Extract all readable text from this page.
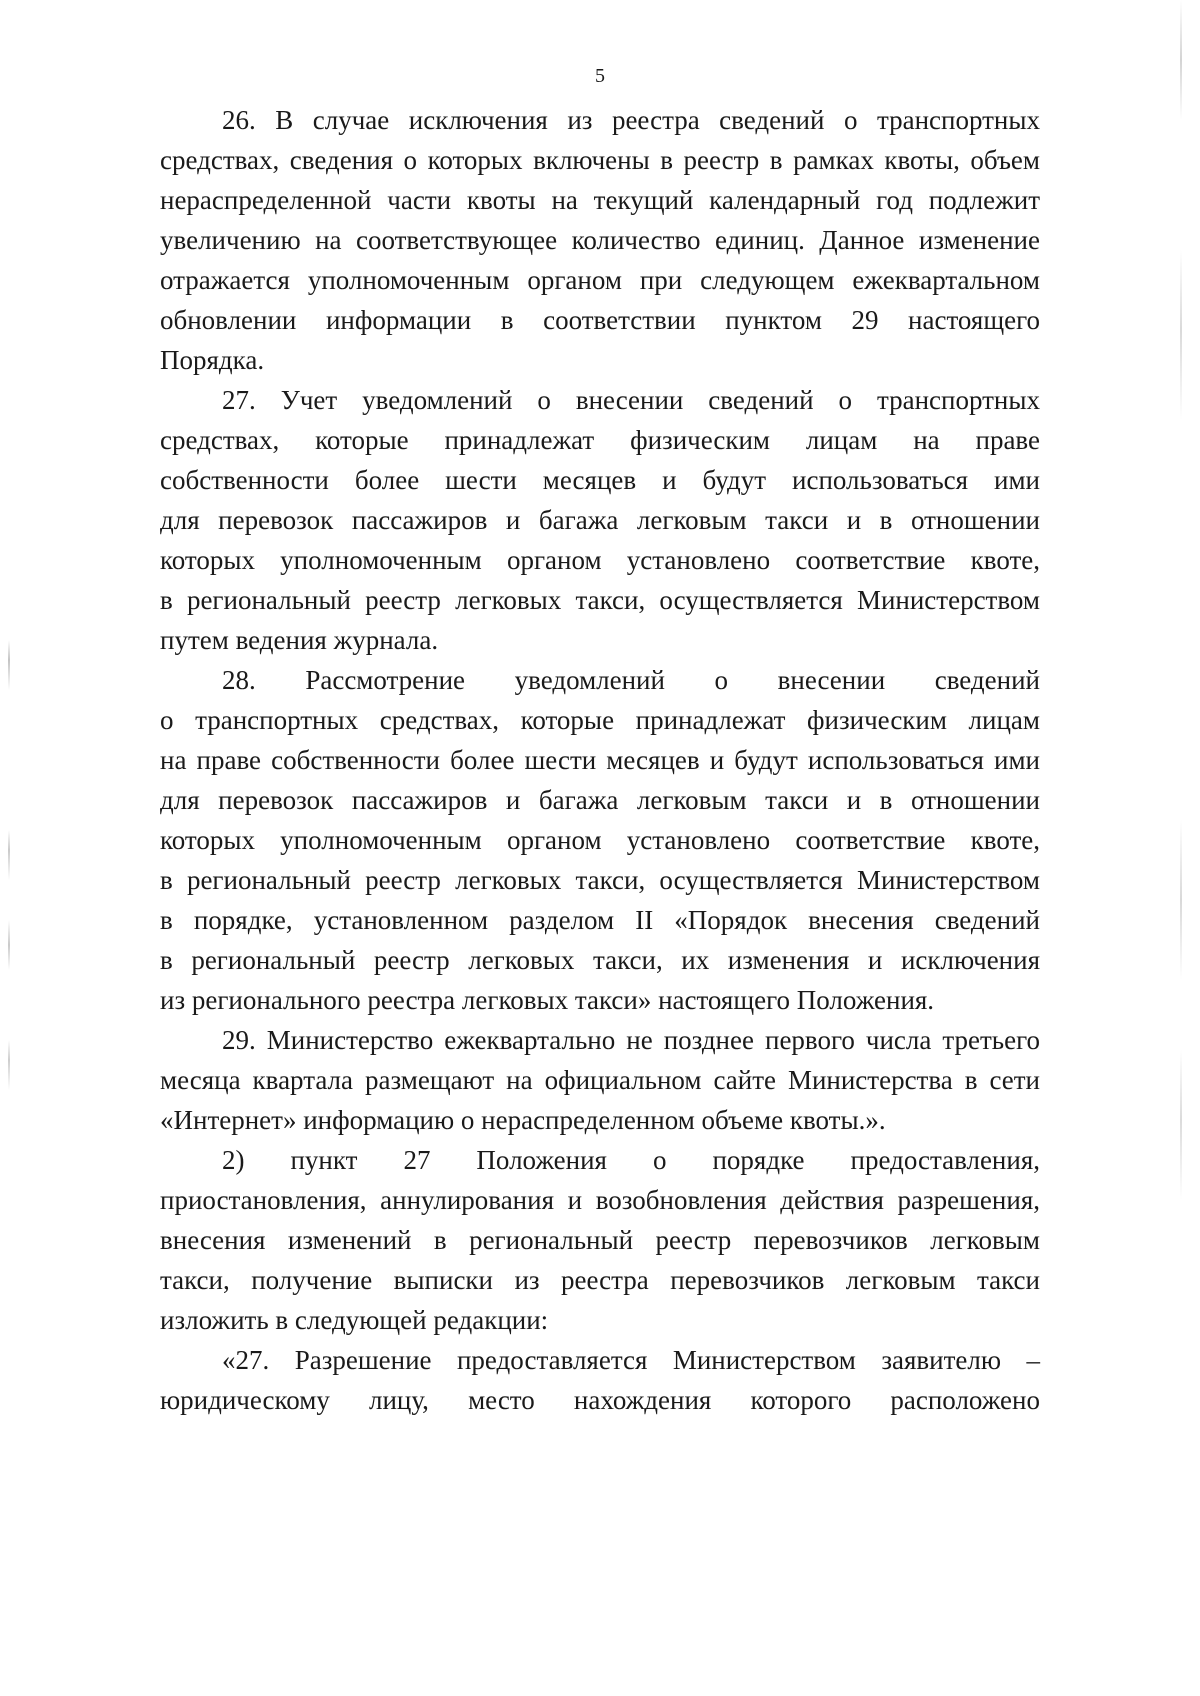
5
26. В случае исключения из реестра сведений о транспортных
средствах, сведения о которых включены в реестр в рамках квоты, объем
нераспределенной части квоты на текущий календарный год подлежит
увеличению на соответствующее количество единиц. Данное изменение
отражается уполномоченным органом при следующем ежеквартальном
обновлении информации в соответствии пунктом 29 настоящего
Порядка.
27. Учет уведомлений о внесении сведений о транспортных
средствах, которые принадлежат физическим лицам на праве
собственности более шести месяцев и будут использоваться ими
для перевозок пассажиров и багажа легковым такси и в отношении
которых уполномоченным органом установлено соответствие квоте,
в региональный реестр легковых такси, осуществляется Министерством
путем ведения журнала.
28. Рассмотрение уведомлений о внесении сведений
о транспортных средствах, которые принадлежат физическим лицам
на праве собственности более шести месяцев и будут использоваться ими
для перевозок пассажиров и багажа легковым такси и в отношении
которых уполномоченным органом установлено соответствие квоте,
в региональный реестр легковых такси, осуществляется Министерством
в порядке, установленном разделом II «Порядок внесения сведений
в региональный реестр легковых такси, их изменения и исключения
из регионального реестра легковых такси» настоящего Положения.
29. Министерство ежеквартально не позднее первого числа третьего
месяца квартала размещают на официальном сайте Министерства в сети
«Интернет» информацию о нераспределенном объеме квоты.».
2) пункт 27 Положения о порядке предоставления,
приостановления, аннулирования и возобновления действия разрешения,
внесения изменений в региональный реестр перевозчиков легковым
такси, получение выписки из реестра перевозчиков легковым такси
изложить в следующей редакции:
«27. Разрешение предоставляется Министерством заявителю –
юридическому лицу, место нахождения которого расположено
